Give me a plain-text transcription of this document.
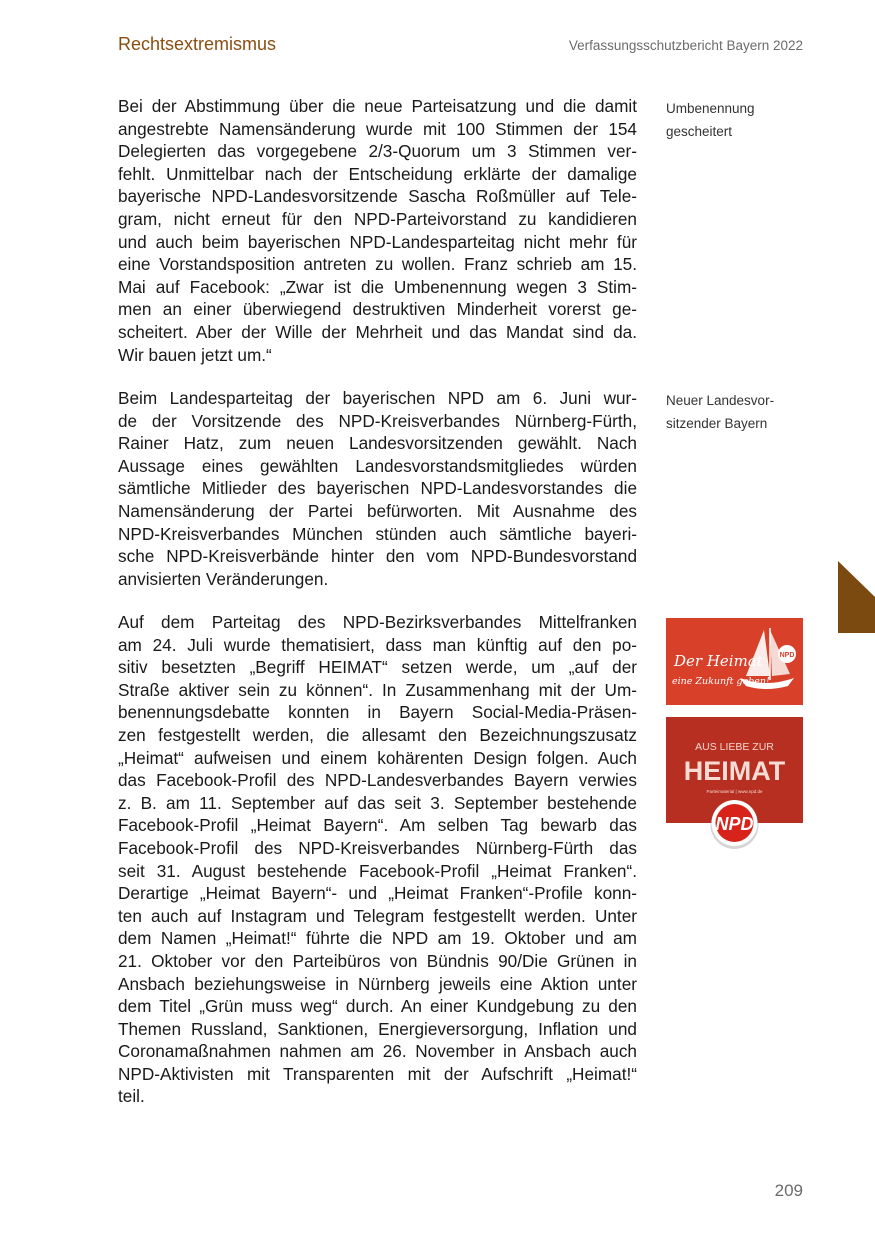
Rechtsextremismus	Verfassungsschutzbericht Bayern 2022

Bei der Abstimmung über die neue Parteisatzung und die damit
angestrebte Namensänderung wurde mit 100 Stimmen der 154
Delegierten das vorgegebene 2/3-Quorum um 3 Stimmen ver-
fehlt. Unmittelbar nach der Entscheidung erklärte der damalige
bayerische NPD-Landesvorsitzende Sascha Roßmüller auf Tele-
gram, nicht erneut für den NPD-Parteivorstand zu kandidieren
und auch beim bayerischen NPD-Landesparteitag nicht mehr für
eine Vorstandsposition antreten zu wollen. Franz schrieb am 15.
Mai auf Facebook: „Zwar ist die Umbenennung wegen 3 Stim-
men an einer überwiegend destruktiven Minderheit vorerst ge-
scheitert. Aber der Wille der Mehrheit und das Mandat sind da.
Wir bauen jetzt um.“

Beim Landesparteitag der bayerischen NPD am 6. Juni wur-
de der Vorsitzende des NPD-Kreisverbandes Nürnberg-Fürth,
Rainer Hatz, zum neuen Landesvorsitzenden gewählt. Nach
Aussage eines gewählten Landesvorstandsmitgliedes würden
sämtliche Mitlieder des bayerischen NPD-Landesvorstandes die
Namensänderung der Partei befürworten. Mit Ausnahme des
NPD-Kreisverbandes München stünden auch sämtliche bayeri-
sche NPD-Kreisverbände hinter den vom NPD-Bundesvorstand
anvisierten Veränderungen.

Auf dem Parteitag des NPD-Bezirksverbandes Mittelfranken
am 24. Juli wurde thematisiert, dass man künftig auf den po-
sitiv besetzten „Begriff HEIMAT“ setzen werde, um „auf der
Straße aktiver sein zu können“. In Zusammenhang mit der Um-
benennungsdebatte konnten in Bayern Social-Media-Präsen-
zen festgestellt werden, die allesamt den Bezeichnungszusatz
„Heimat“ aufweisen und einem kohärenten Design folgen. Auch
das Facebook-Profil des NPD-Landesverbandes Bayern verwies
z. B. am 11. September auf das seit 3. September bestehende
Facebook-Profil „Heimat Bayern“. Am selben Tag bewarb das
Facebook-Profil des NPD-Kreisverbandes Nürnberg-Fürth das
seit 31. August bestehende Facebook-Profil „Heimat Franken“.
Derartige „Heimat Bayern“- und „Heimat Franken“-Profile konn-
ten auch auf Instagram und Telegram festgestellt werden. Unter
dem Namen „Heimat!“ führte die NPD am 19. Oktober und am
21. Oktober vor den Parteibüros von Bündnis 90/Die Grünen in
Ansbach beziehungsweise in Nürnberg jeweils eine Aktion unter
dem Titel „Grün muss weg“ durch. An einer Kundgebung zu den
Themen Russland, Sanktionen, Energieversorgung, Inflation und
Coronamaßnahmen nahmen am 26. November in Ansbach auch
NPD-Aktivisten mit Transparenten mit der Aufschrift „Heimat!“
teil.

Umbenennung
gescheitert
Neuer Landesvor-
sitzender Bayern
NPD
Der Heimat
eine Zukunft geben!
AUS LIEBE ZUR
HEIMAT
Parteimaterial | www.npd.de
NPD
209
